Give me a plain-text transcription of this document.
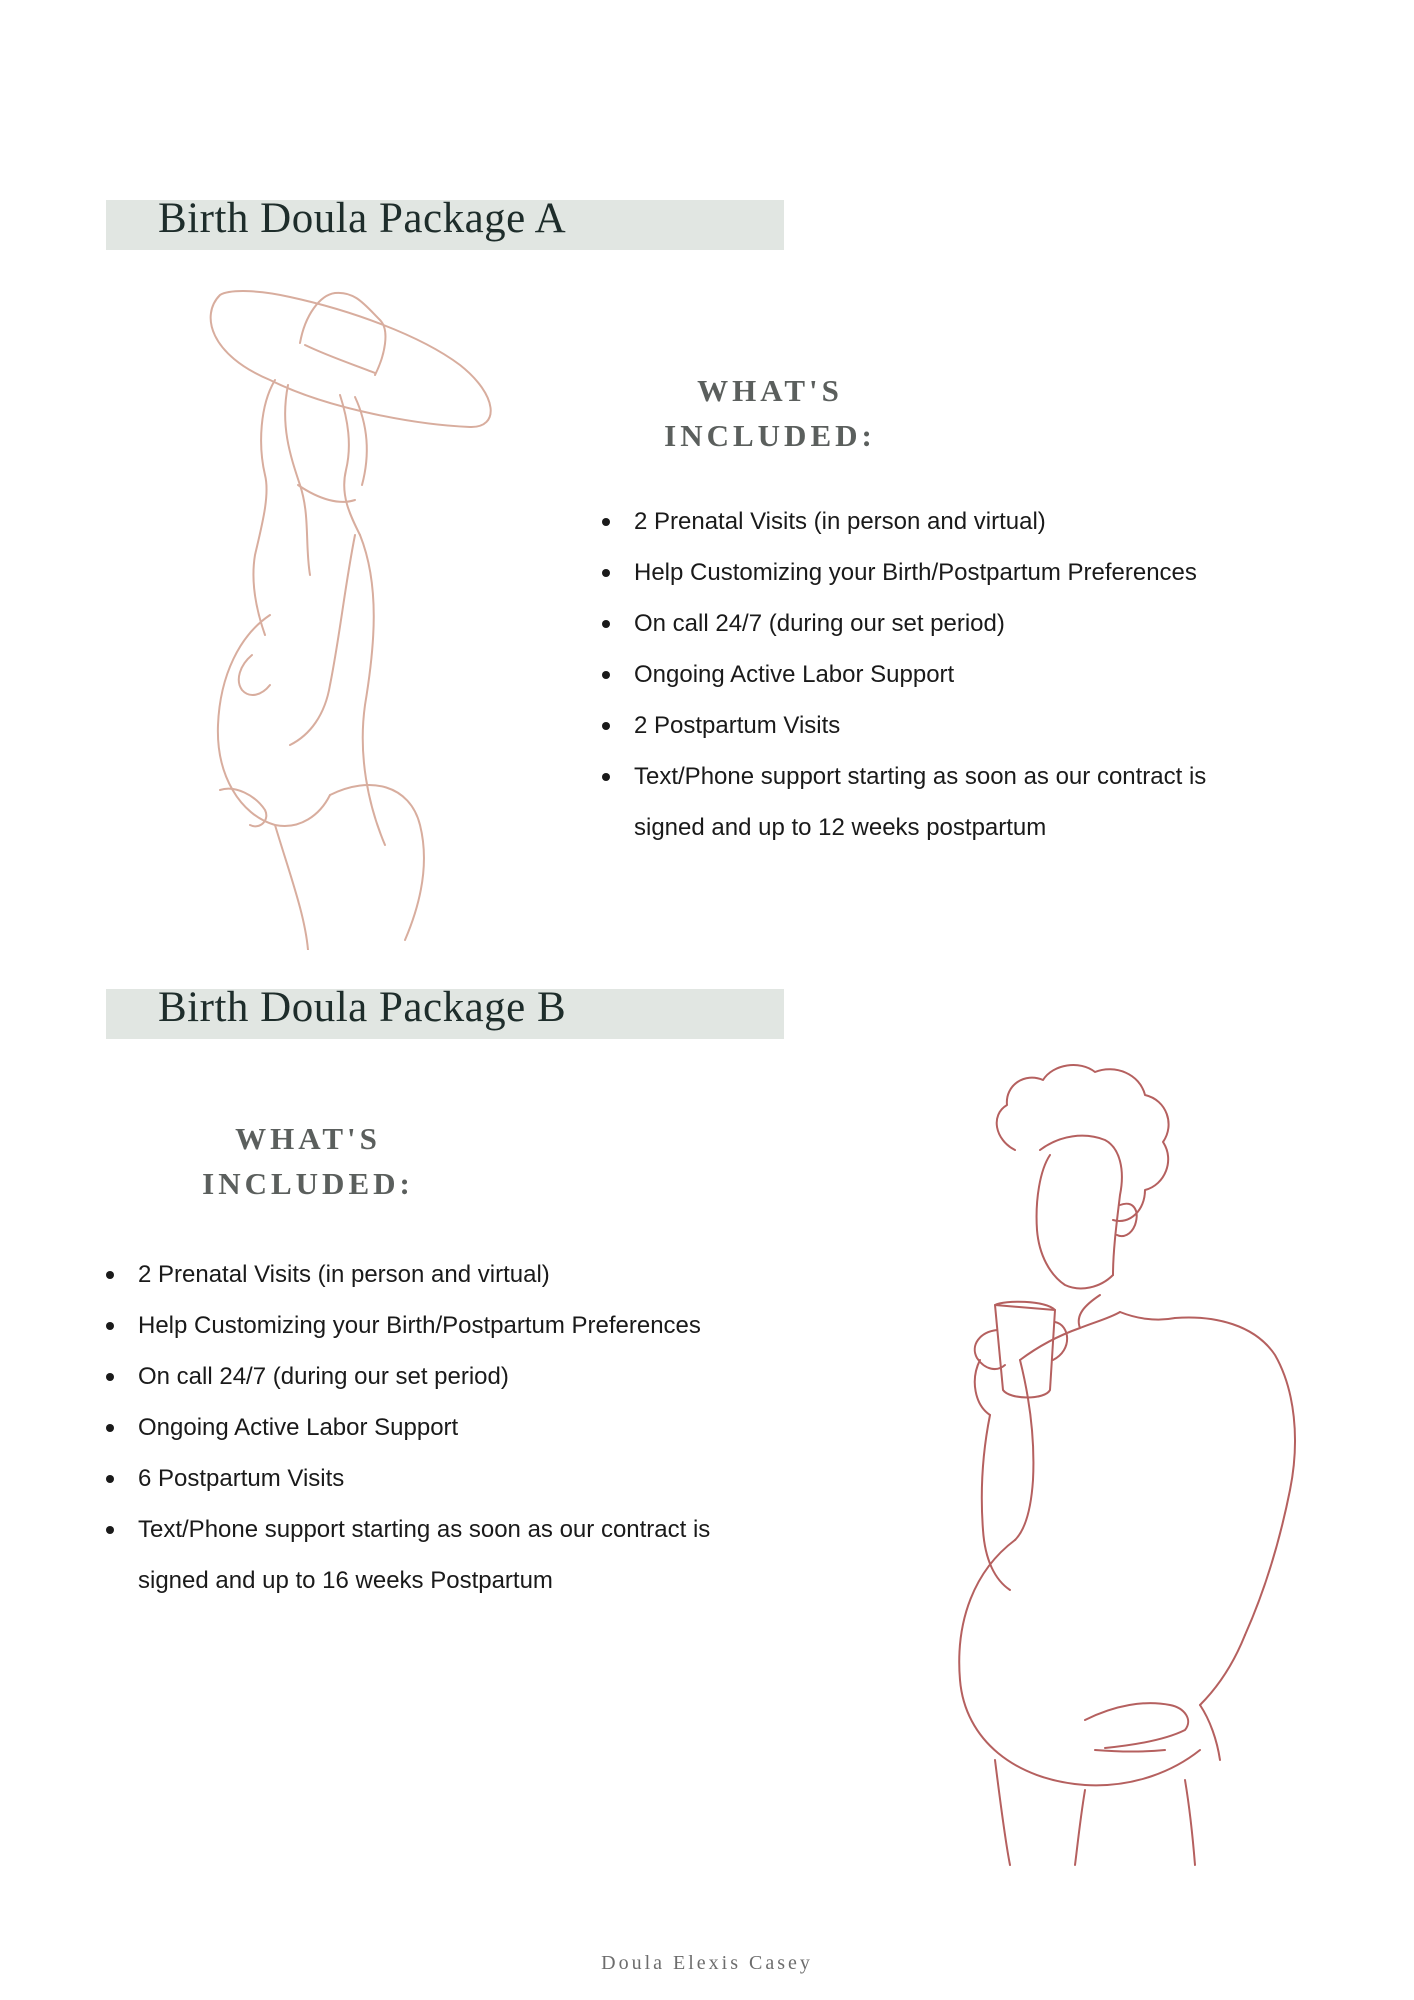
Birth Doula Package A
WHAT'S
INCLUDED:
2 Prenatal Visits (in person and virtual)
Help Customizing your Birth/Postpartum Preferences
On call 24/7 (during our set period)
Ongoing Active Labor Support
2 Postpartum Visits
Text/Phone support starting as soon as our contract is signed and up to 12 weeks postpartum
Birth Doula Package B
WHAT'S
INCLUDED:
2 Prenatal Visits (in person and virtual)
Help Customizing your Birth/Postpartum Preferences
On call 24/7 (during our set period)
Ongoing Active Labor Support
6 Postpartum Visits
Text/Phone support starting as soon as our contract is signed and up to 16 weeks Postpartum
Doula Elexis Casey
